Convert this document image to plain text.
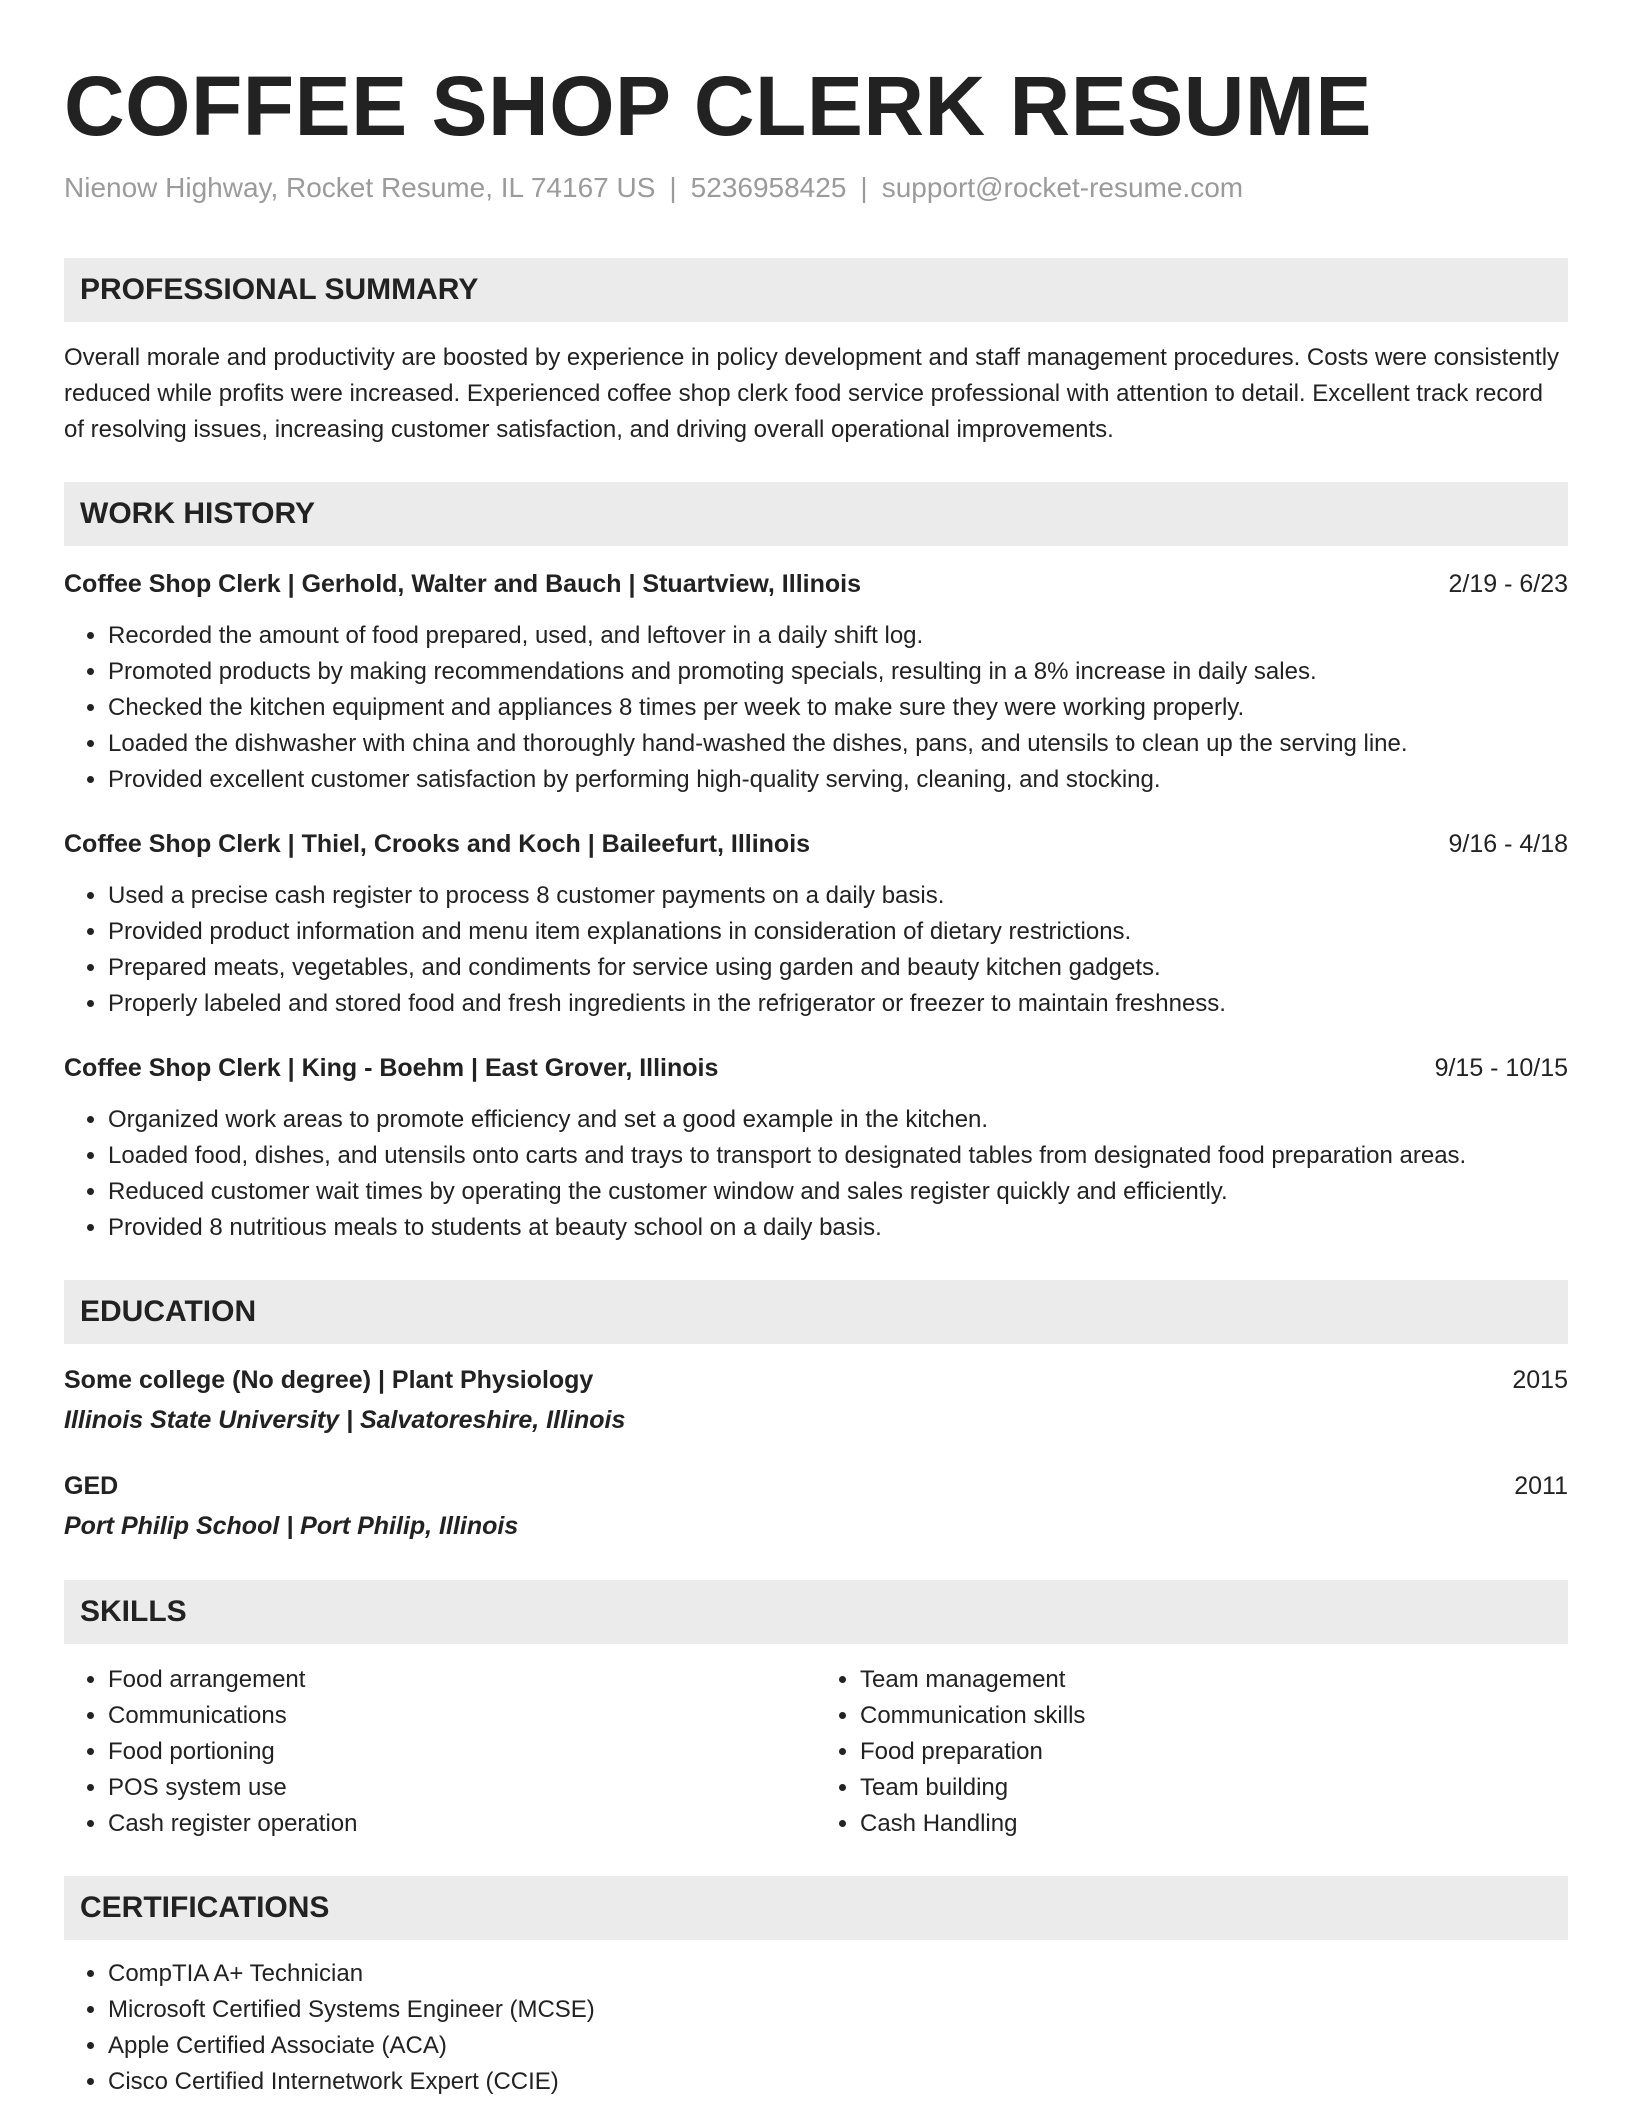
COFFEE SHOP CLERK RESUME
Nienow Highway, Rocket Resume, IL 74167 US | 5236958425 | support@rocket-resume.com
PROFESSIONAL SUMMARY

Overall morale and productivity are boosted by experience in policy development and staff management procedures. Costs were consistently reduced while profits were increased. Experienced coffee shop clerk food service professional with attention to detail. Excellent track record of resolving issues, increasing customer satisfaction, and driving overall operational improvements.

WORK HISTORY
Coffee Shop Clerk | Gerhold, Walter and Bauch | Stuartview, Illinois	2/19 - 6/23
• Recorded the amount of food prepared, used, and leftover in a daily shift log.
• Promoted products by making recommendations and promoting specials, resulting in a 8% increase in daily sales.
• Checked the kitchen equipment and appliances 8 times per week to make sure they were working properly.
• Loaded the dishwasher with china and thoroughly hand-washed the dishes, pans, and utensils to clean up the serving line.
• Provided excellent customer satisfaction by performing high-quality serving, cleaning, and stocking.
Coffee Shop Clerk | Thiel, Crooks and Koch | Baileefurt, Illinois	9/16 - 4/18
• Used a precise cash register to process 8 customer payments on a daily basis.
• Provided product information and menu item explanations in consideration of dietary restrictions.
• Prepared meats, vegetables, and condiments for service using garden and beauty kitchen gadgets.
• Properly labeled and stored food and fresh ingredients in the refrigerator or freezer to maintain freshness.
Coffee Shop Clerk | King - Boehm | East Grover, Illinois	9/15 - 10/15
• Organized work areas to promote efficiency and set a good example in the kitchen.
• Loaded food, dishes, and utensils onto carts and trays to transport to designated tables from designated food preparation areas.
• Reduced customer wait times by operating the customer window and sales register quickly and efficiently.
• Provided 8 nutritious meals to students at beauty school on a daily basis.
EDUCATION
Some college (No degree) | Plant Physiology	2015
Illinois State University | Salvatoreshire, Illinois
GED	2011
Port Philip School | Port Philip, Illinois
SKILLS
• Food arrangement
• Communications
• Food portioning
• POS system use
• Cash register operation
• Team management
• Communication skills
• Food preparation
• Team building
• Cash Handling
CERTIFICATIONS
• CompTIA A+ Technician
• Microsoft Certified Systems Engineer (MCSE)
• Apple Certified Associate (ACA)
• Cisco Certified Internetwork Expert (CCIE)
